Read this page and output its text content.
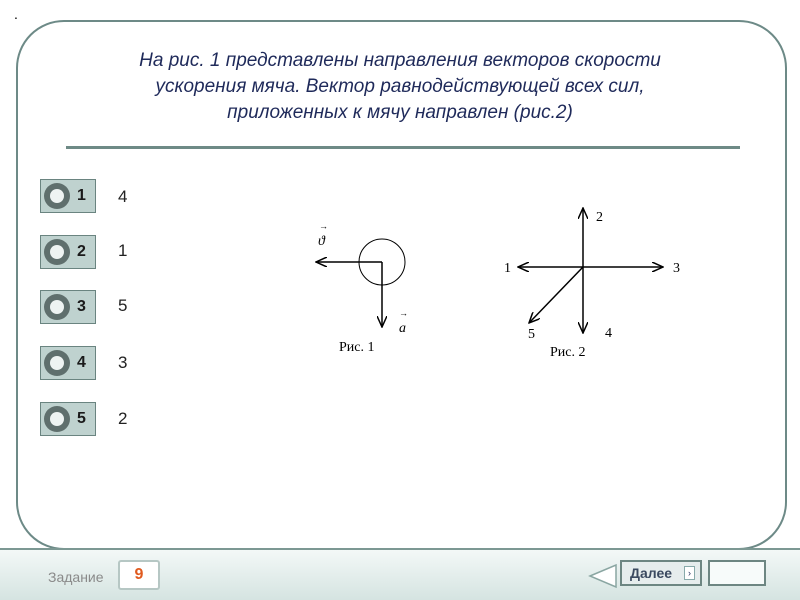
.
На рис. 1 представлены направления векторов скорости
ускорения мяча. Вектор равнодействующей всех сил,
приложенных к мячу направлен (рис.2)
1 4
2 1
3 5
4 3
5 2
→
ϑ
→
a
Рис. 1
1
2
3
4
5
Рис. 2
Задание	9	Далее	›
